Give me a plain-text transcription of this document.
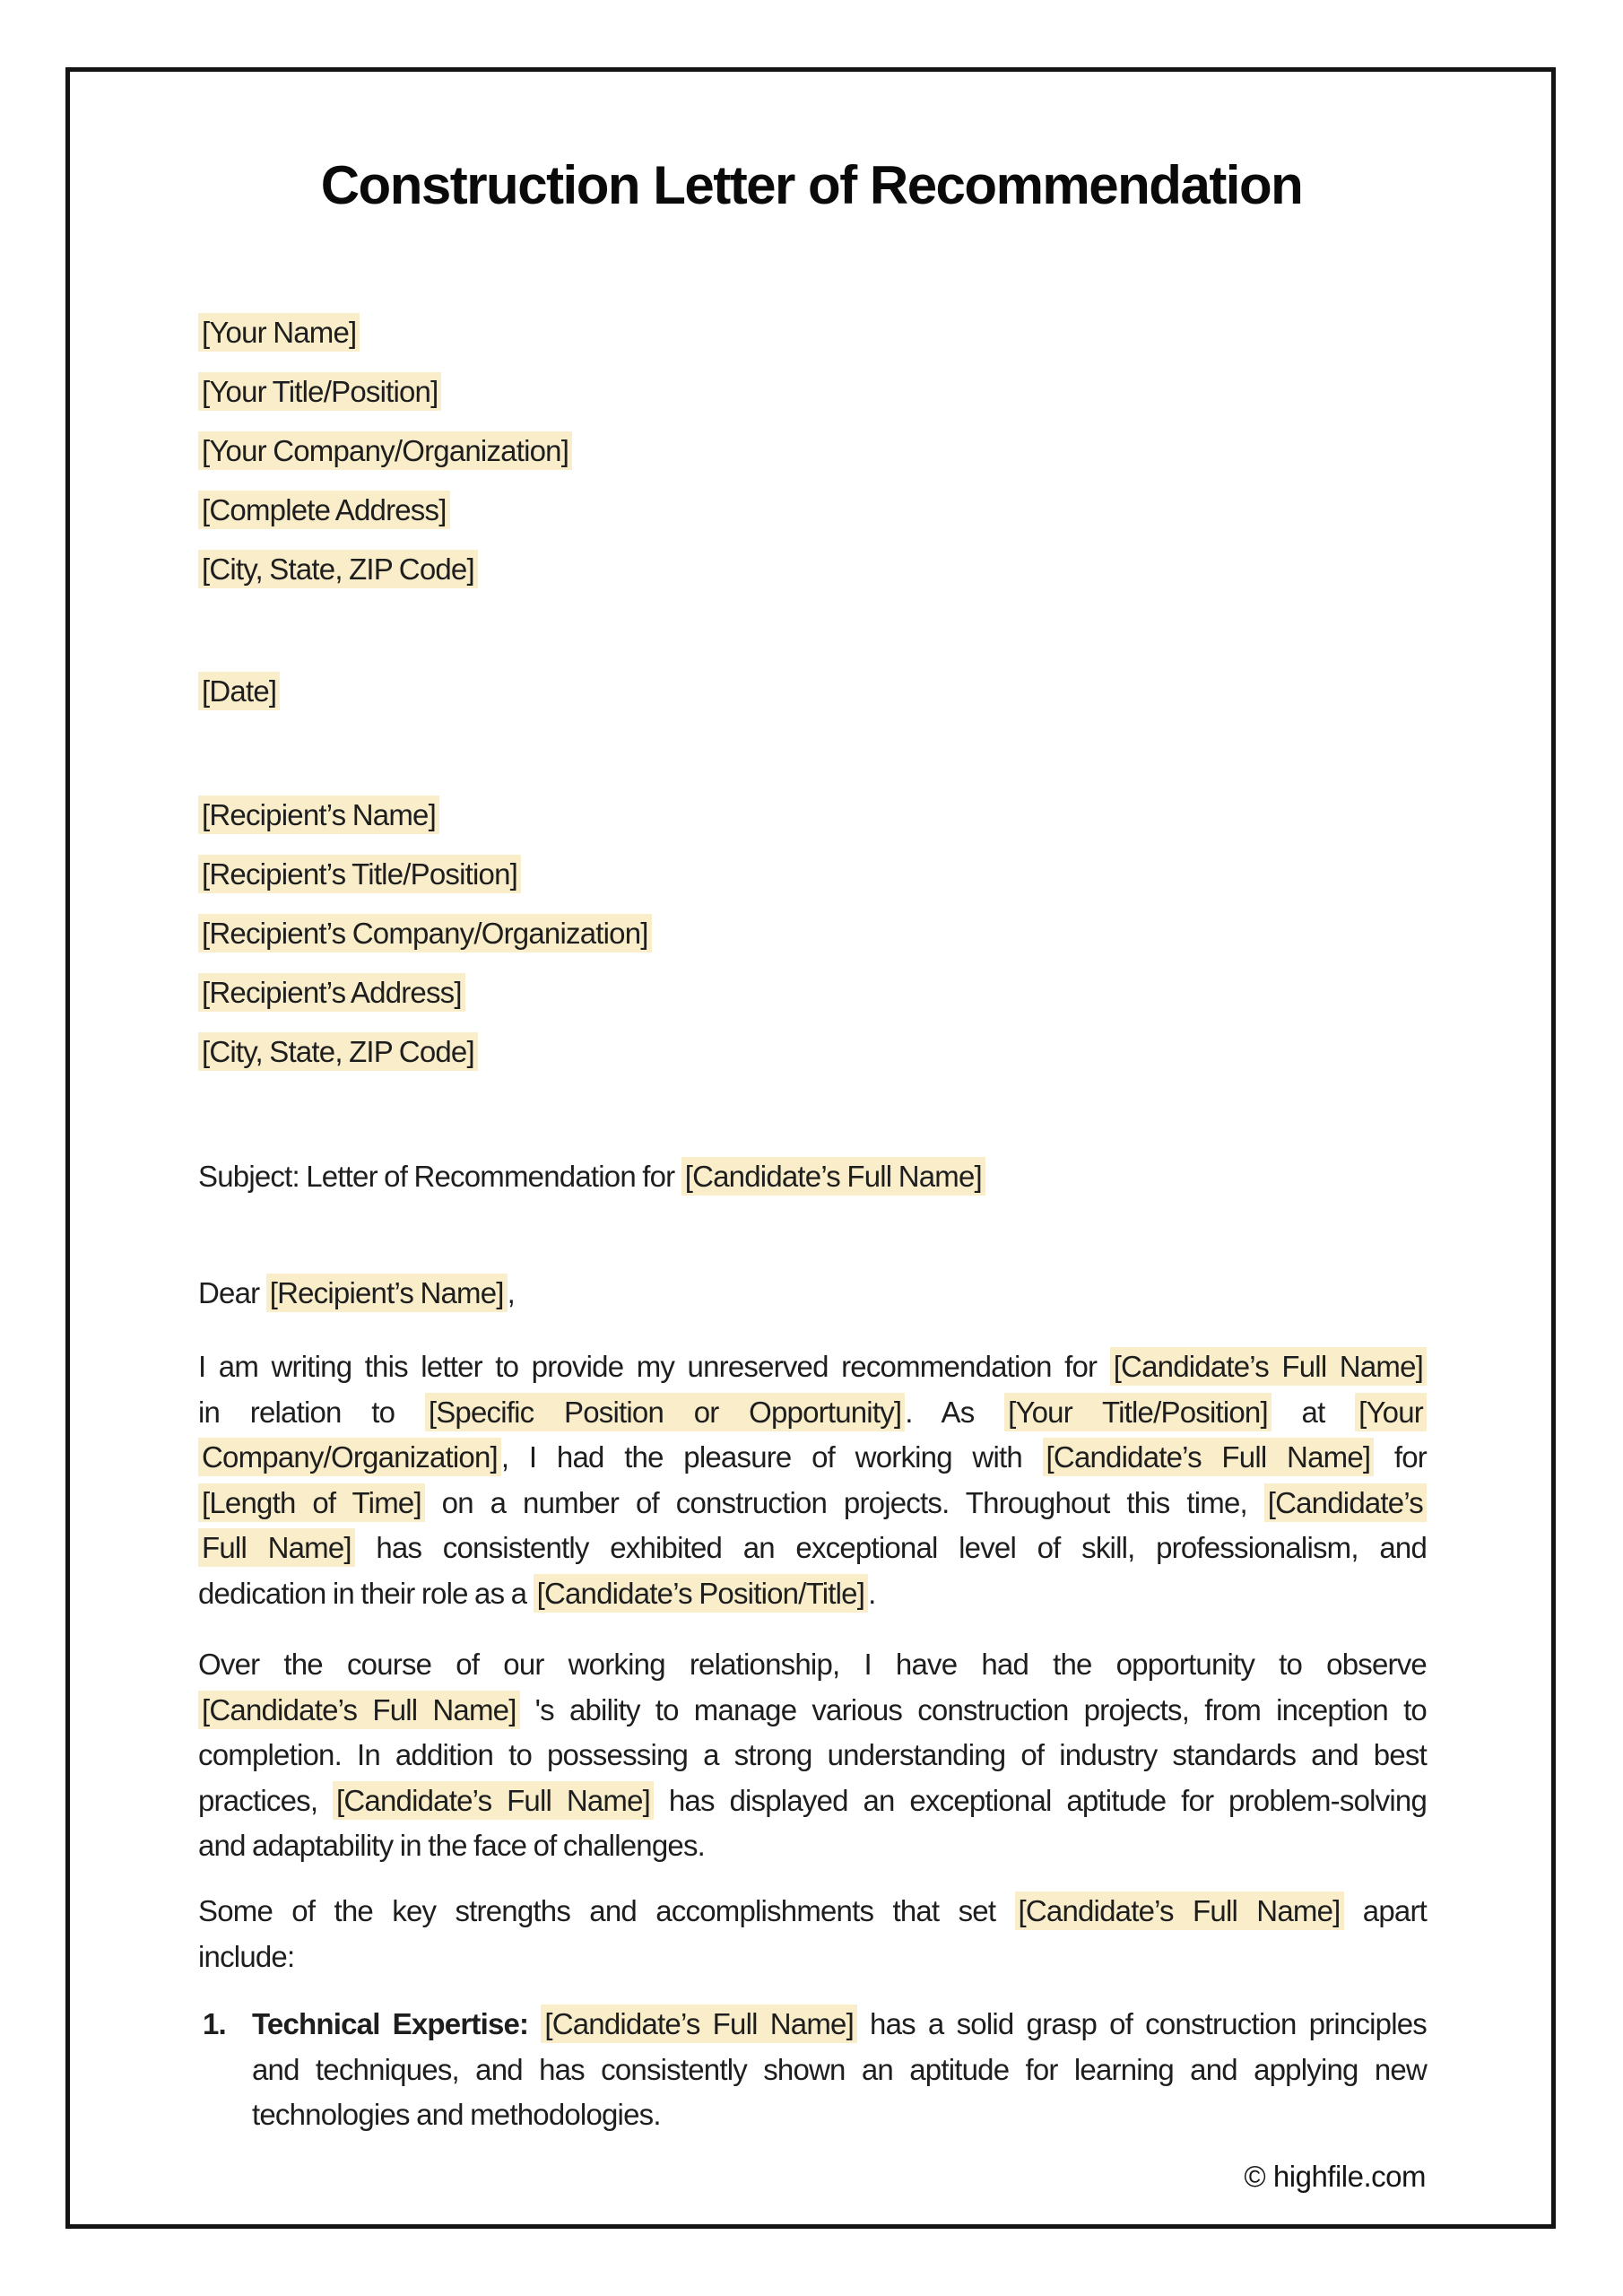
Construction Letter of Recommendation
[Your Name]
[Your Title/Position]
[Your Company/Organization]
[Complete Address]
[City, State, ZIP Code]
[Date]
[Recipient’s Name]
[Recipient’s Title/Position]
[Recipient’s Company/Organization]
[Recipient’s Address]
[City, State, ZIP Code]
Subject: Letter of Recommendation for [Candidate’s Full Name]
Dear [Recipient’s Name] ,
I am writing this letter to provide my unreserved recommendation for [Candidate’s Full Name]
in relation to [Specific Position or Opportunity] . As [Your Title/Position] at [Your
Company/Organization] , I had the pleasure of working with [Candidate’s Full Name] for
[Length of Time] on a number of construction projects. Throughout this time, [Candidate’s
Full Name] has consistently exhibited an exceptional level of skill, professionalism, and
dedication in their role as a [Candidate’s Position/Title] .
Over the course of our working relationship, I have had the opportunity to observe
[Candidate’s Full Name] 's ability to manage various construction projects, from inception to
completion. In addition to possessing a strong understanding of industry standards and best
practices, [Candidate’s Full Name] has displayed an exceptional aptitude for problem-solving
and adaptability in the face of challenges.
Some of the key strengths and accomplishments that set [Candidate’s Full Name] apart
include:
1. Technical Expertise: [Candidate’s Full Name] has a solid grasp of construction principles
and techniques, and has consistently shown an aptitude for learning and applying new
technologies and methodologies.
© highfile.com
